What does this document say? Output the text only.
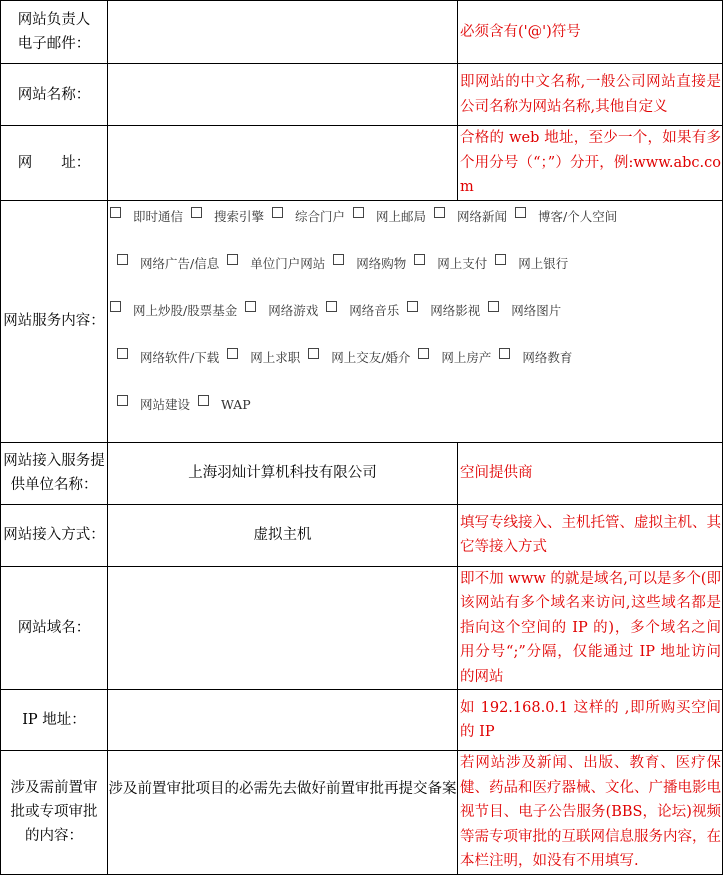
网站负责人电子邮件：		必须含有('@')符号
网站名称：		即网站的中文名称,一般公司网站直接是公司名称为网站名称,其他自定义
网　　址：		合格的 web 地址，至少一个，如果有多个用分号（“；”）分开，例:www.abc.com
网站服务内容：	即时通信 搜索引擎 综合门户 网上邮局 网络新闻 博客/个人空间
网络广告/信息 单位门户网站 网络购物 网上支付 网上银行
网上炒股/股票基金 网络游戏 网络音乐 网络影视 网络图片
网络软件/下载 网上求职 网上交友/婚介 网上房产 网络教育
网站建设 WAP	

网站接入服务提供单位名称：	上海羽灿计算机科技有限公司	空间提供商
网站接入方式：	虚拟主机	填写专线接入、主机托管、虚拟主机、其它等接入方式
网站域名：		即不加 www 的就是域名,可以是多个(即该网站有多个域名来访问,这些域名都是指向这个空间的 IP 的)，多个域名之间用分号“;”分隔，仅能通过 IP 地址访问的网站
IP 地址：		如 192.168.0.1 这样的 ,即所购买空间的 IP
涉及需前置审批或专项审批的内容：	涉及前置审批项目的必需先去做好前置审批再提交备案	若网站涉及新闻、出版、教育、医疗保健、药品和医疗器械、文化、广播电影电视节目、电子公告服务(BBS，论坛)视频等需专项审批的互联网信息服务内容，在本栏注明，如没有不用填写.
